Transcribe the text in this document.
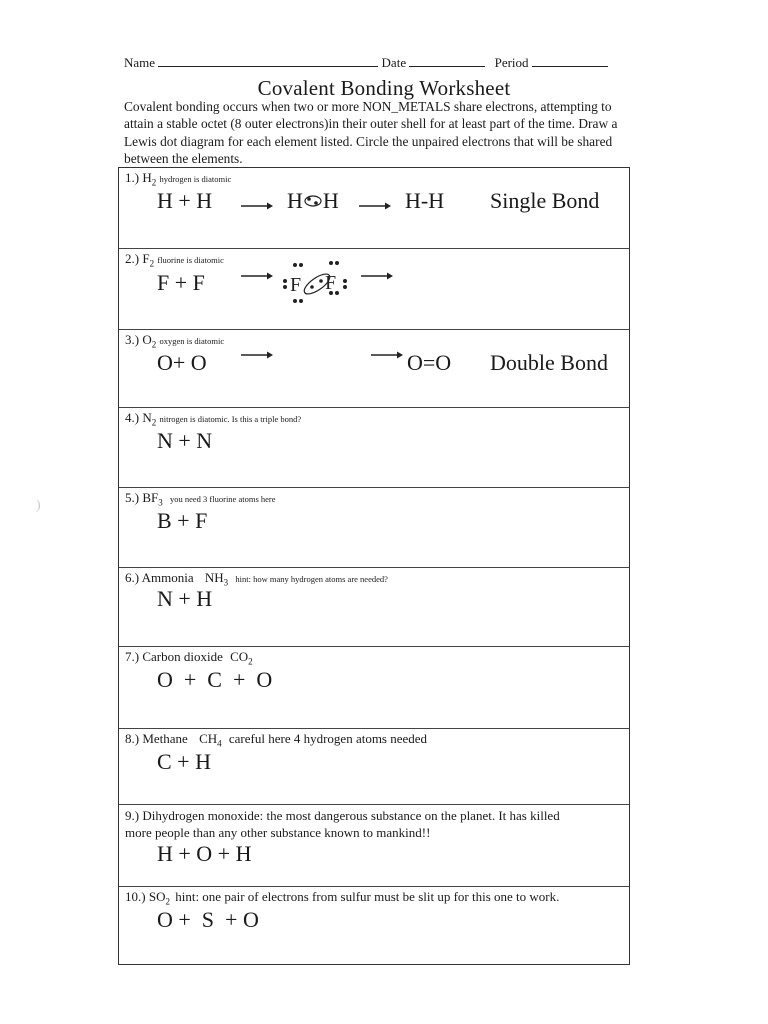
Name	Date	Period
Covalent Bonding Worksheet
Covalent bonding occurs when two or more NON_METALS share electrons, attempting to attain a stable octet (8 outer electrons)in their outer shell for at least part of the time. Draw a Lewis dot diagram for each element listed. Circle the unpaired electrons that will be shared between the elements.
1.) $H_2$ hydrogen is diatomic
H + H	H H	H-H Single Bond
2.) $F_2$ fluorine is diatomic
F + F	F F
3.) $O_2$ oxygen is diatomic
O+ O	O=O Double Bond
4.) $N_2$ nitrogen is diatomic. Is this a triple bond?
N + N
5.) $BF_3$ you need 3 fluorine atoms here
B + F
6.) Ammonia $NH_3$ hint: how many hydrogen atoms are needed?
N + H
7.) Carbon dioxide $CO_2$
O  +  C  +  O
8.) Methane $CH_4$ careful here 4 hydrogen atoms needed
C + H
9.) Dihydrogen monoxide: the most dangerous substance on the planet. It has killed
more people than any other substance known to mankind!!
H + O + H
10.) $SO_2$ hint: one pair of electrons from sulfur must be slit up for this one to work.
O +  S  + O
)
